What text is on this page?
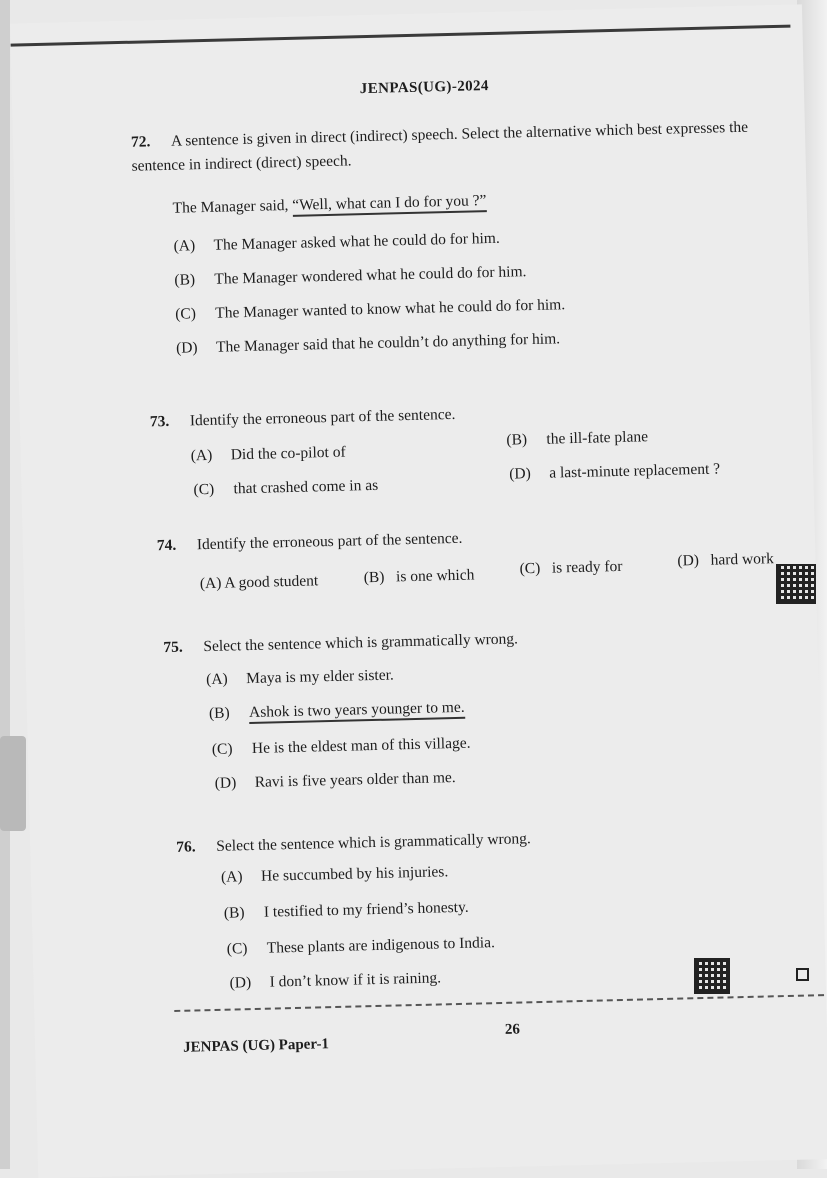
JENPAS(UG)-2024
72. A sentence is given in direct (indirect) speech. Select the alternative which best expresses the sentence in indirect (direct) speech.
The Manager said, “Well, what can I do for you ?”
(A) The Manager asked what he could do for him.
(B) The Manager wondered what he could do for him.
(C) The Manager wanted to know what he could do for him.
(D) The Manager said that he couldn’t do anything for him.
73. Identify the erroneous part of the sentence.
(A) Did the co-pilot of
(B) the ill-fate plane
(C) that crashed come in as
(D) a last-minute replacement ?
74. Identify the erroneous part of the sentence.
(A) A good student	(B) is one which	(C) is ready for	(D) hard work
75. Select the sentence which is grammatically wrong.
(A) Maya is my elder sister.
(B) Ashok is two years younger to me.
(C) He is the eldest man of this village.
(D) Ravi is five years older than me.
76. Select the sentence which is grammatically wrong.
(A) He succumbed by his injuries.
(B) I testified to my friend’s honesty.
(C) These plants are indigenous to India.
(D) I don’t know if it is raining.
JENPAS (UG) Paper-1
26
